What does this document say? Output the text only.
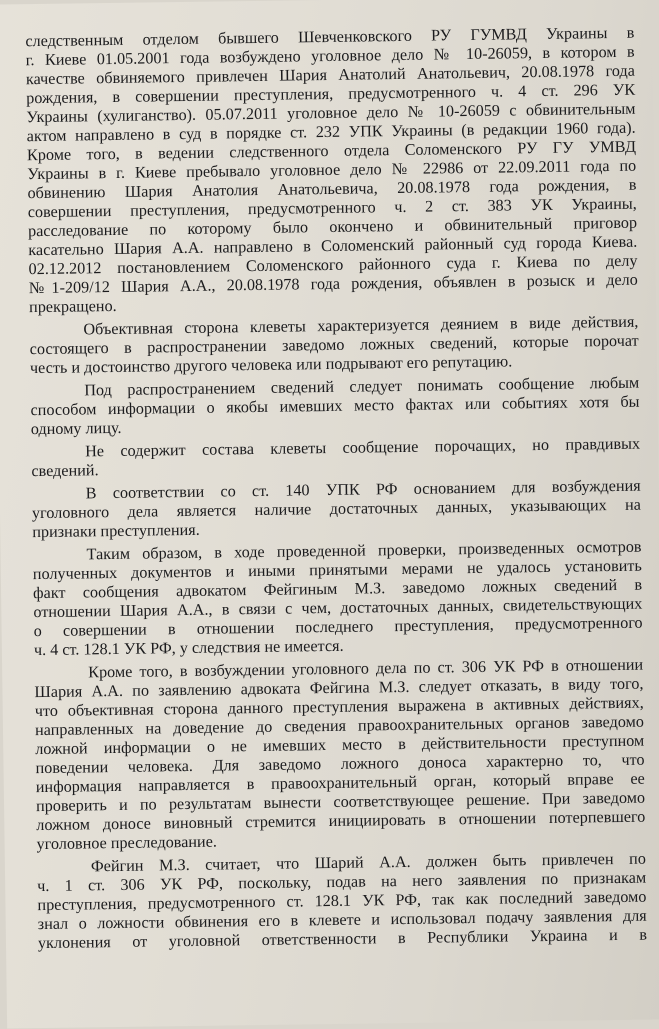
следственным отделом бывшего Шевченковского РУ ГУМВД Украины в
г. Киеве 01.05.2001 года возбуждено уголовное дело № 10-26059, в котором в
качестве обвиняемого привлечен Шария Анатолий Анатольевич, 20.08.1978 года
рождения, в совершении преступления, предусмотренного ч. 4 ст. 296 УК
Украины (хулиганство). 05.07.2011 уголовное дело № 10-26059 с обвинительным
актом направлено в суд в порядке ст. 232 УПК Украины (в редакции 1960 года).
Кроме того, в ведении следственного отдела Соломенского РУ ГУ УМВД
Украины в г. Киеве пребывало уголовное дело № 22986 от 22.09.2011 года по
обвинению Шария Анатолия Анатольевича, 20.08.1978 года рождения, в
совершении преступления, предусмотренного ч. 2 ст. 383 УК Украины,
расследование по которому было окончено и обвинительный приговор
касательно Шария А.А. направлено в Соломенский районный суд города Киева.
02.12.2012 постановлением Соломенского районного суда г. Киева по делу
№1-209/12 Шария А.А., 20.08.1978 года рождения, объявлен в розыск и дело
прекращено.
Объективная сторона клеветы характеризуется деянием в виде действия,
состоящего в распространении заведомо ложных сведений, которые порочат
честь и достоинство другого человека или подрывают его репутацию.
Под распространением сведений следует понимать сообщение любым
способом информации о якобы имевших место фактах или событиях хотя бы
одному лицу.
Не содержит состава клеветы сообщение порочащих, но правдивых
сведений.
В соответствии со ст. 140 УПК РФ основанием для возбуждения
уголовного дела является наличие достаточных данных, указывающих на
признаки преступления.
Таким образом, в ходе проведенной проверки, произведенных осмотров
полученных документов и иными принятыми мерами не удалось установить
факт сообщения адвокатом Фейгиным М.З. заведомо ложных сведений в
отношении Шария А.А., в связи с чем, достаточных данных, свидетельствующих
о совершении в отношении последнего преступления, предусмотренного
ч. 4 ст. 128.1 УК РФ, у следствия не имеется.
Кроме того, в возбуждении уголовного дела по ст. 306 УК РФ в отношении
Шария А.А. по заявлению адвоката Фейгина М.З. следует отказать, в виду того,
что объективная сторона данного преступления выражена в активных действиях,
направленных на доведение до сведения правоохранительных органов заведомо
ложной информации о не имевших место в действительности преступном
поведении человека. Для заведомо ложного доноса характерно то, что
информация направляется в правоохранительный орган, который вправе ее
проверить и по результатам вынести соответствующее решение. При заведомо
ложном доносе виновный стремится инициировать в отношении потерпевшего
уголовное преследование.
Фейгин М.З. считает, что Шарий А.А. должен быть привлечен по
ч. 1 ст. 306 УК РФ, поскольку, подав на него заявления по признакам
преступления, предусмотренного ст. 128.1 УК РФ, так как последний заведомо
знал о ложности обвинения его в клевете и использовал подачу заявления для
уклонения от уголовной ответственности в Республики Украина и в
